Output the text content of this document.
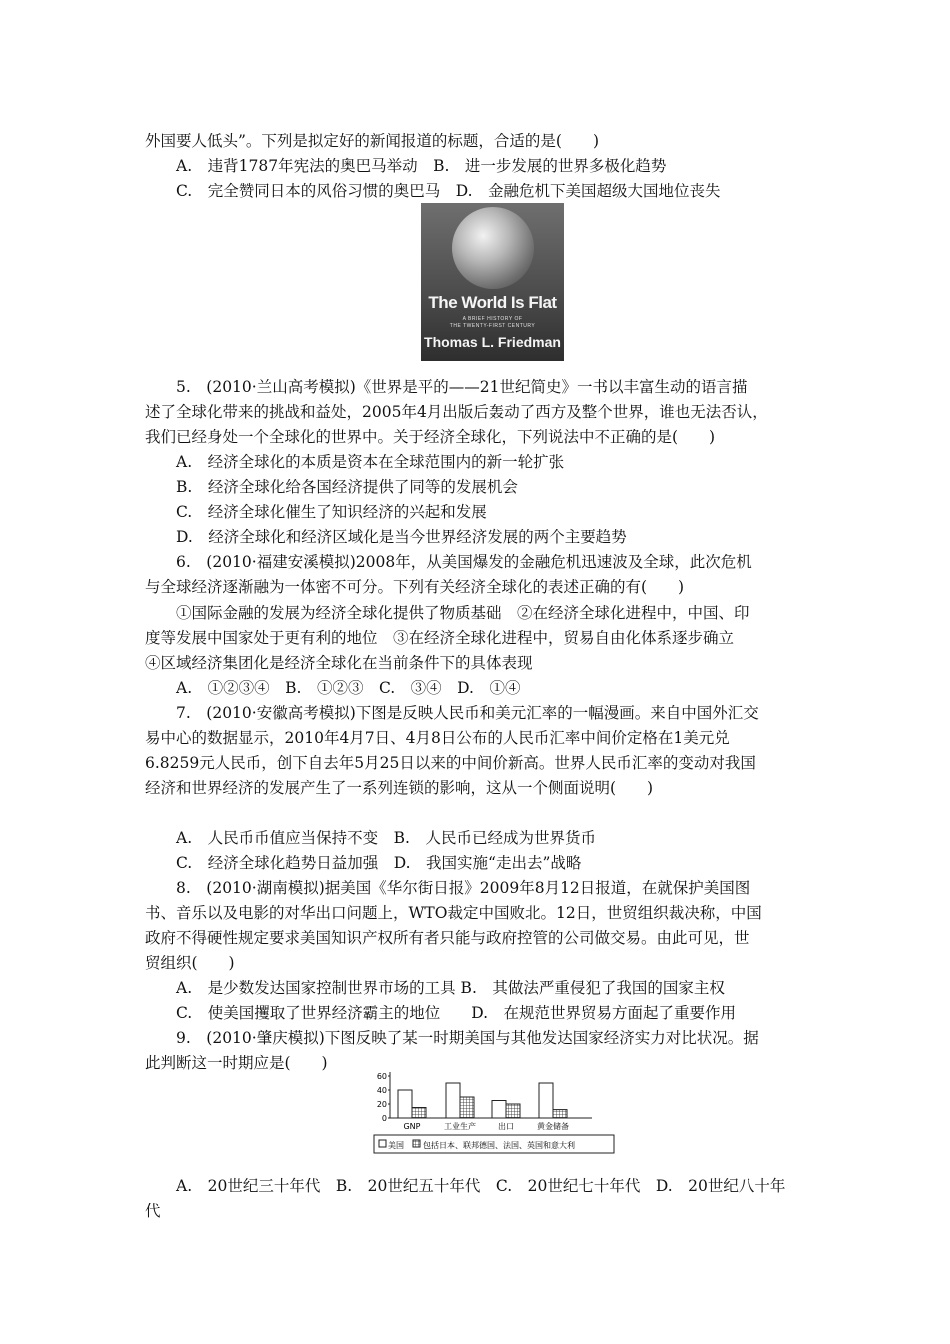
外国要人低头”。下列是拟定好的新闻报道的标题，合适的是(　　)
A.　违背1787年宪法的奥巴马举动　B.　进一步发展的世界多极化趋势
C.　完全赞同日本的风俗习惯的奥巴马　D.　金融危机下美国超级大国地位丧失
The World Is Flat
A BRIEF HISTORY OF
THE TWENTY-FIRST CENTURY
Thomas L. Friedman
5.　(2010·兰山高考模拟)《世界是平的——21世纪简史》一书以丰富生动的语言描
述了全球化带来的挑战和益处，2005年4月出版后轰动了西方及整个世界，谁也无法否认，
我们已经身处一个全球化的世界中。关于经济全球化，下列说法中不正确的是(　　)
A.　经济全球化的本质是资本在全球范围内的新一轮扩张
B.　经济全球化给各国经济提供了同等的发展机会
C.　经济全球化催生了知识经济的兴起和发展
D.　经济全球化和经济区域化是当今世界经济发展的两个主要趋势
6.　(2010·福建安溪模拟)2008年，从美国爆发的金融危机迅速波及全球，此次危机
与全球经济逐渐融为一体密不可分。下列有关经济全球化的表述正确的有(　　)
①国际金融的发展为经济全球化提供了物质基础　②在经济全球化进程中，中国、印
度等发展中国家处于更有利的地位　③在经济全球化进程中，贸易自由化体系逐步确立
④区域经济集团化是经济全球化在当前条件下的具体表现
A.　①②③④　B.　①②③　C.　③④　D.　①④
7.　(2010·安徽高考模拟)下图是反映人民币和美元汇率的一幅漫画。来自中国外汇交
易中心的数据显示，2010年4月7日、4月8日公布的人民币汇率中间价定格在1美元兑
6.8259元人民币，创下自去年5月25日以来的中间价新高。世界人民币汇率的变动对我国
经济和世界经济的发展产生了一系列连锁的影响，这从一个侧面说明(　　)
A.　人民币币值应当保持不变　B.　人民币已经成为世界货币
C.　经济全球化趋势日益加强　D.　我国实施“走出去”战略
8.　(2010·湖南模拟)据美国《华尔街日报》2009年8月12日报道，在就保护美国图
书、音乐以及电影的对华出口问题上，WTO裁定中国败北。12日，世贸组织裁决称，中国
政府不得硬性规定要求美国知识产权所有者只能与政府控管的公司做交易。由此可见，世
贸组织(　　)
A.　是少数发达国家控制世界市场的工具 B.　其做法严重侵犯了我国的国家主权
C.　使美国攫取了世界经济霸主的地位　　D.　在规范世界贸易方面起了重要作用
9.　(2010·肇庆模拟)下图反映了某一时期美国与其他发达国家经济实力对比状况。据
此判断这一时期应是(　　)
60
40
20
0
GNP	工业生产	出口	黄金储备
美国 包括日本、联邦德国、法国、英国和意大利
A.　20世纪三十年代　B.　20世纪五十年代　C.　20世纪七十年代　D.　20世纪八十年
代
